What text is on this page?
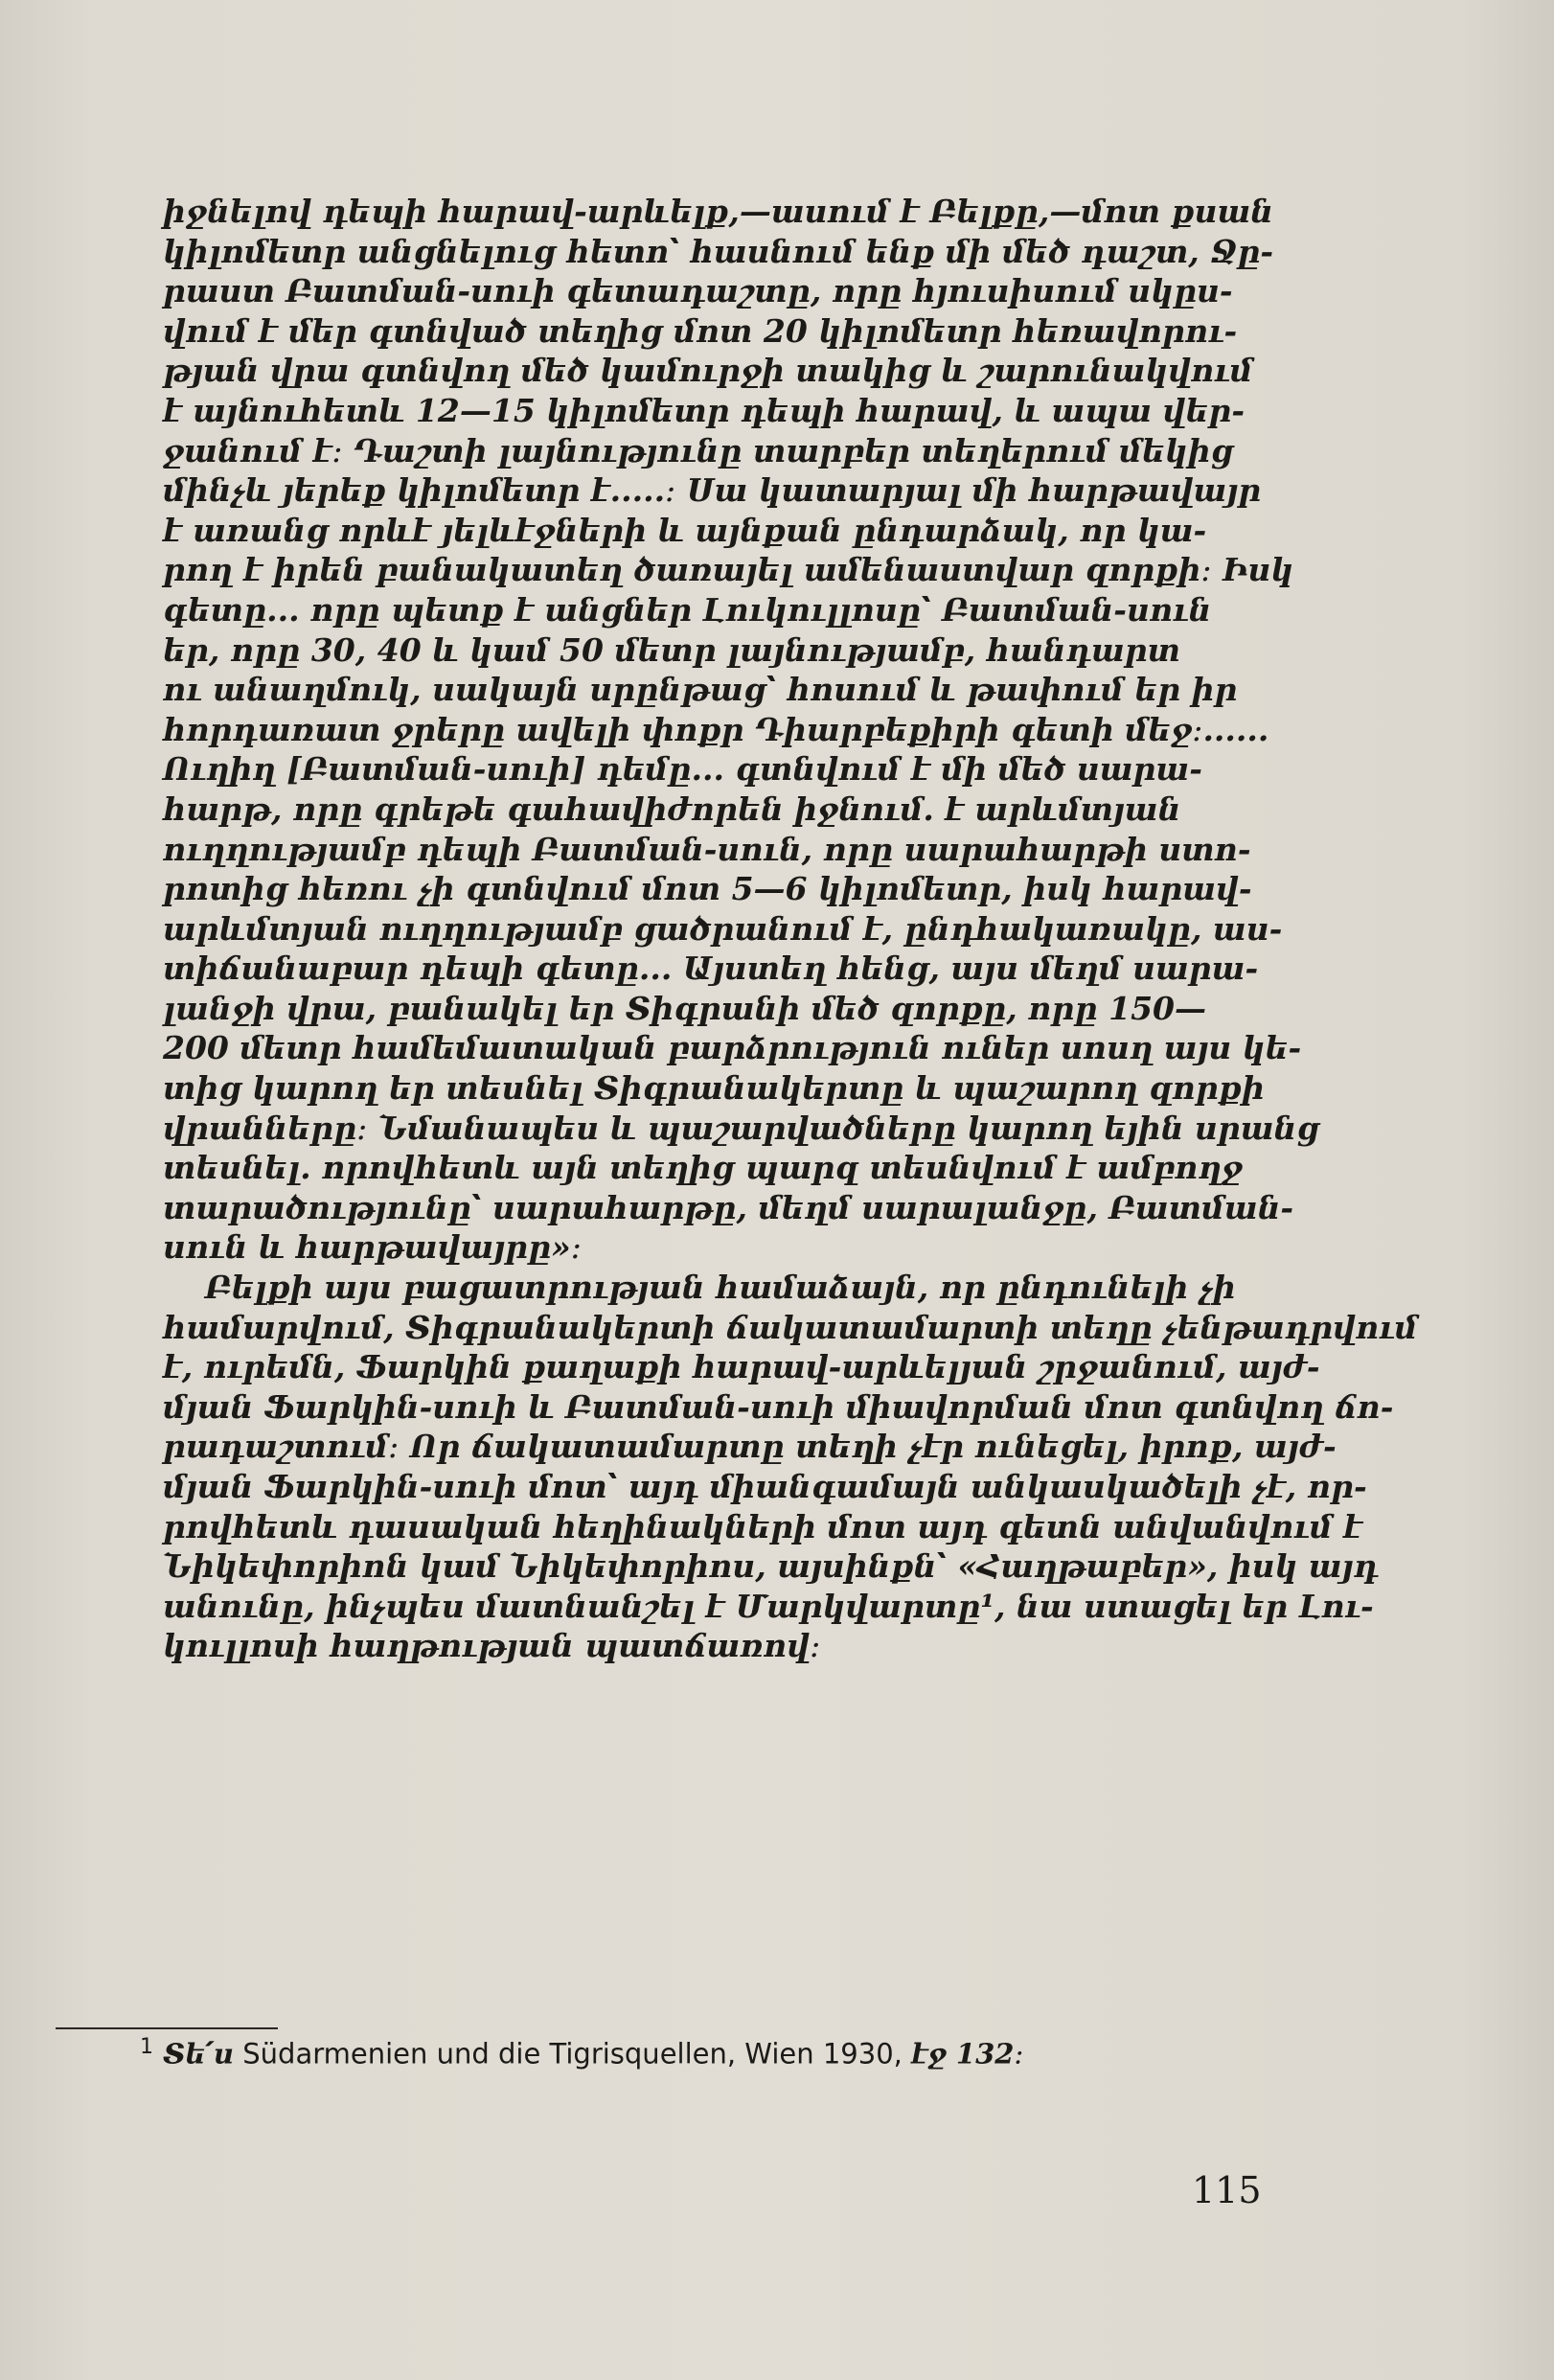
իջնելով դեպի հարավ-արևելք,—ասում է Բելքը,—մոտ քսան
կիլոմետր անցնելուց հետո՝ հասնում ենք մի մեծ դաշտ, Ջը-
րաստ Բատման-սուի գետադաշտը, որը հյուսիսում սկըս-
վում է մեր գտնված տեղից մոտ 20 կիլոմետր հեռավորու-
թյան վրա գտնվող մեծ կամուրջի տակից և շարունակվում
է այնուհետև 12—15 կիլոմետր դեպի հարավ, և ապա վեր-
ջանում է։ Դաշտի լայնությունը տարբեր տեղերում մեկից
մինչև յերեք կիլոմետր է.....։ Սա կատարյալ մի հարթավայր
է առանց որևէ յելևէջների և այնքան ընդարձակ, որ կա-
րող է իրեն բանակատեղ ծառայել ամենաստվար զորքի։ Իսկ
գետը... որը պետք է անցներ Լուկուլլոսը՝ Բատման-սուն
եր, որը 30, 40 և կամ 50 մետր լայնությամբ, հանդարտ
ու անաղմուկ, սակայն սրընթաց՝ հոսում և թափում եր իր
հորդառատ ջրերը ավելի փոքր Դիարբեքիրի գետի մեջ։......
Ուղիղ [Բատման-սուի] դեմը... գտնվում է մի մեծ սարա-
հարթ, որը գրեթե գահավիժորեն իջնում․ է արևմտյան
ուղղությամբ դեպի Բատման-սուն, որը սարահարթի ստո-
րոտից հեռու չի գտնվում մոտ 5—6 կիլոմետր, իսկ հարավ-
արևմտյան ուղղությամբ ցածրանում է, ընդհակառակը, աս-
տիճանաբար դեպի գետը... Այստեղ հենց, այս մեղմ սարա-
լանջի վրա, բանակել եր Տիգրանի մեծ զորքը, որը 150—
200 մետր համեմատական բարձրություն ուներ սոսղ այս կե-
տից կարող եր տեսնել Տիգրանակերտը և պաշարող զորքի
վրանները։ Նմանապես և պաշարվածները կարող եյին սրանց
տեսնել․ որովհետև այն տեղից պարզ տեսնվում է ամբողջ
տարածությունը՝ սարահարթը, մեղմ սարալանջը, Բատման-
սուն և հարթավայրը»։
Բելքի այս բացատրության համաձայն, որ ընդունելի չի
համարվում, Տիգրանակերտի ճակատամարտի տեղը չենթադրվում
է, ուրեմն, Ֆարկին քաղաքի հարավ-արևելյան շրջանում, այժ-
մյան Ֆարկին-սուի և Բատման-սուի միավորման մոտ գտնվող ճո-
րադաշտում։ Որ ճակատամարտը տեղի չէր ունեցել, իրոք, այժ-
մյան Ֆարկին-սուի մոտ՝ այդ միանգամայն անկասկածելի չէ, որ-
րովհետև դասական հեղինակների մոտ այդ գետն անվանվում է
Նիկեփորիոն կամ Նիկեփորիոս, այսինքն՝ «Հաղթաբեր», իսկ այդ
անունը, ինչպես մատնանշել է Մարկվարտը¹, նա ստացել եր Լու-
կուլլոսի հաղթության պատճառով։
$^1$ Տե՛ս Südarmenien und die Tigrisquellen, Wien 1930, էջ 132։
115
